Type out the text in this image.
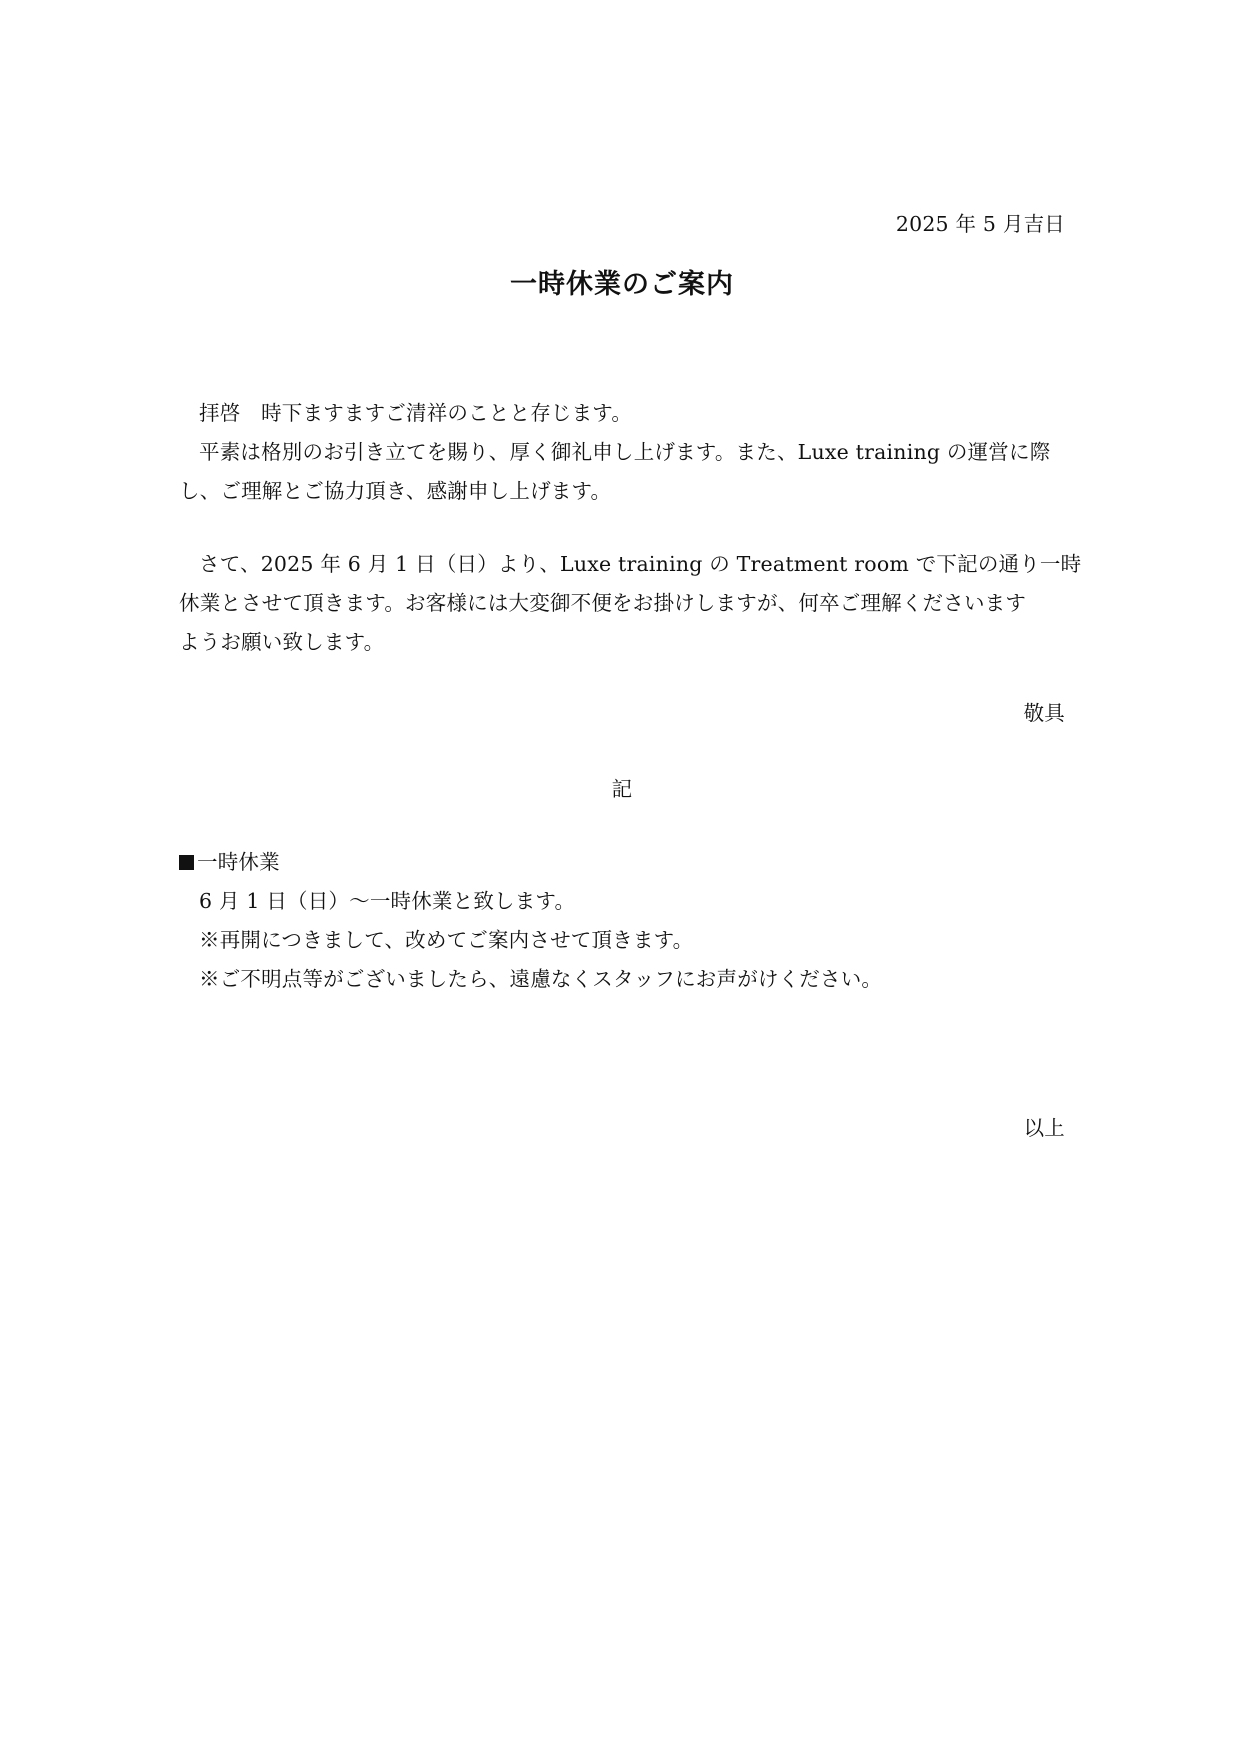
2025 年 5 月吉日
一時休業のご案内
拝啓　時下ますますご清祥のことと存じます。
平素は格別のお引き立てを賜り、厚く御礼申し上げます。また、Luxe training の運営に際
し、ご理解とご協力頂き、感謝申し上げます。
さて、2025 年 6 月 1 日（日）より、Luxe training の Treatment room で下記の通り一時
休業とさせて頂きます。お客様には大変御不便をお掛けしますが、何卒ご理解くださいます
ようお願い致します。
敬具
記
一時休業
6 月 1 日（日）～一時休業と致します。
※再開につきまして、改めてご案内させて頂きます。
※ご不明点等がございましたら、遠慮なくスタッフにお声がけください。
以上
